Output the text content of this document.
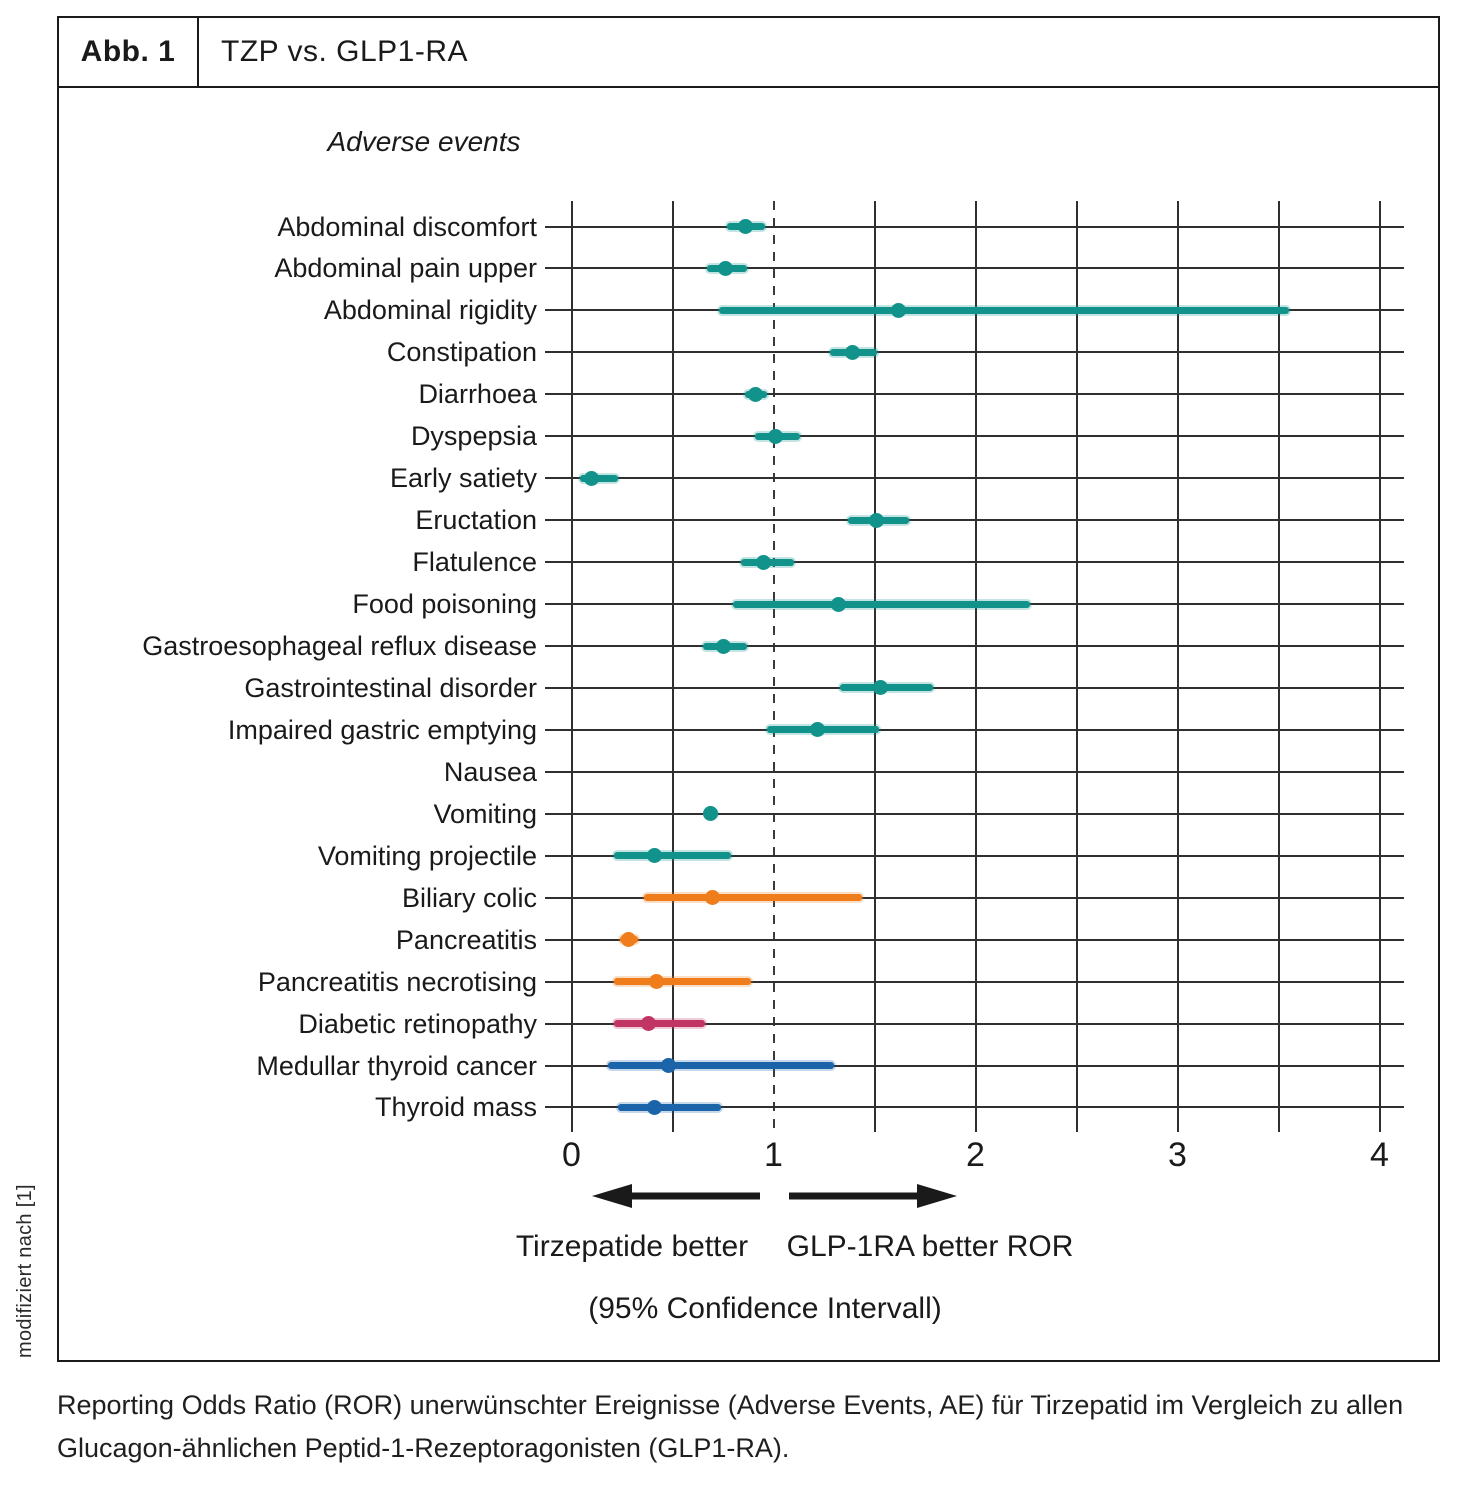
Abb. 1	TZP vs. GLP1-RA
Adverse events
Abdominal discomfort
Abdominal pain upper
Abdominal rigidity
Constipation
Diarrhoea
Dyspepsia
Early satiety
Eructation
Flatulence
Food poisoning
Gastroesophageal reflux disease
Gastrointestinal disorder
Impaired gastric emptying
Nausea
Vomiting
Vomiting projectile
Biliary colic
Pancreatitis
Pancreatitis necrotising
Diabetic retinopathy
Medullar thyroid cancer
Thyroid mass
0	1	2	3	4
Tirzepatide better GLP-1RA better ROR
(95% Confidence Intervall)
modifiziert nach [1]
Reporting Odds Ratio (ROR) unerwünschter Ereignisse (Adverse Events, AE) für Tirzepatid im Vergleich zu allen Glucagon-ähnlichen Peptid-1-Rezeptoragonisten (GLP1-RA).
